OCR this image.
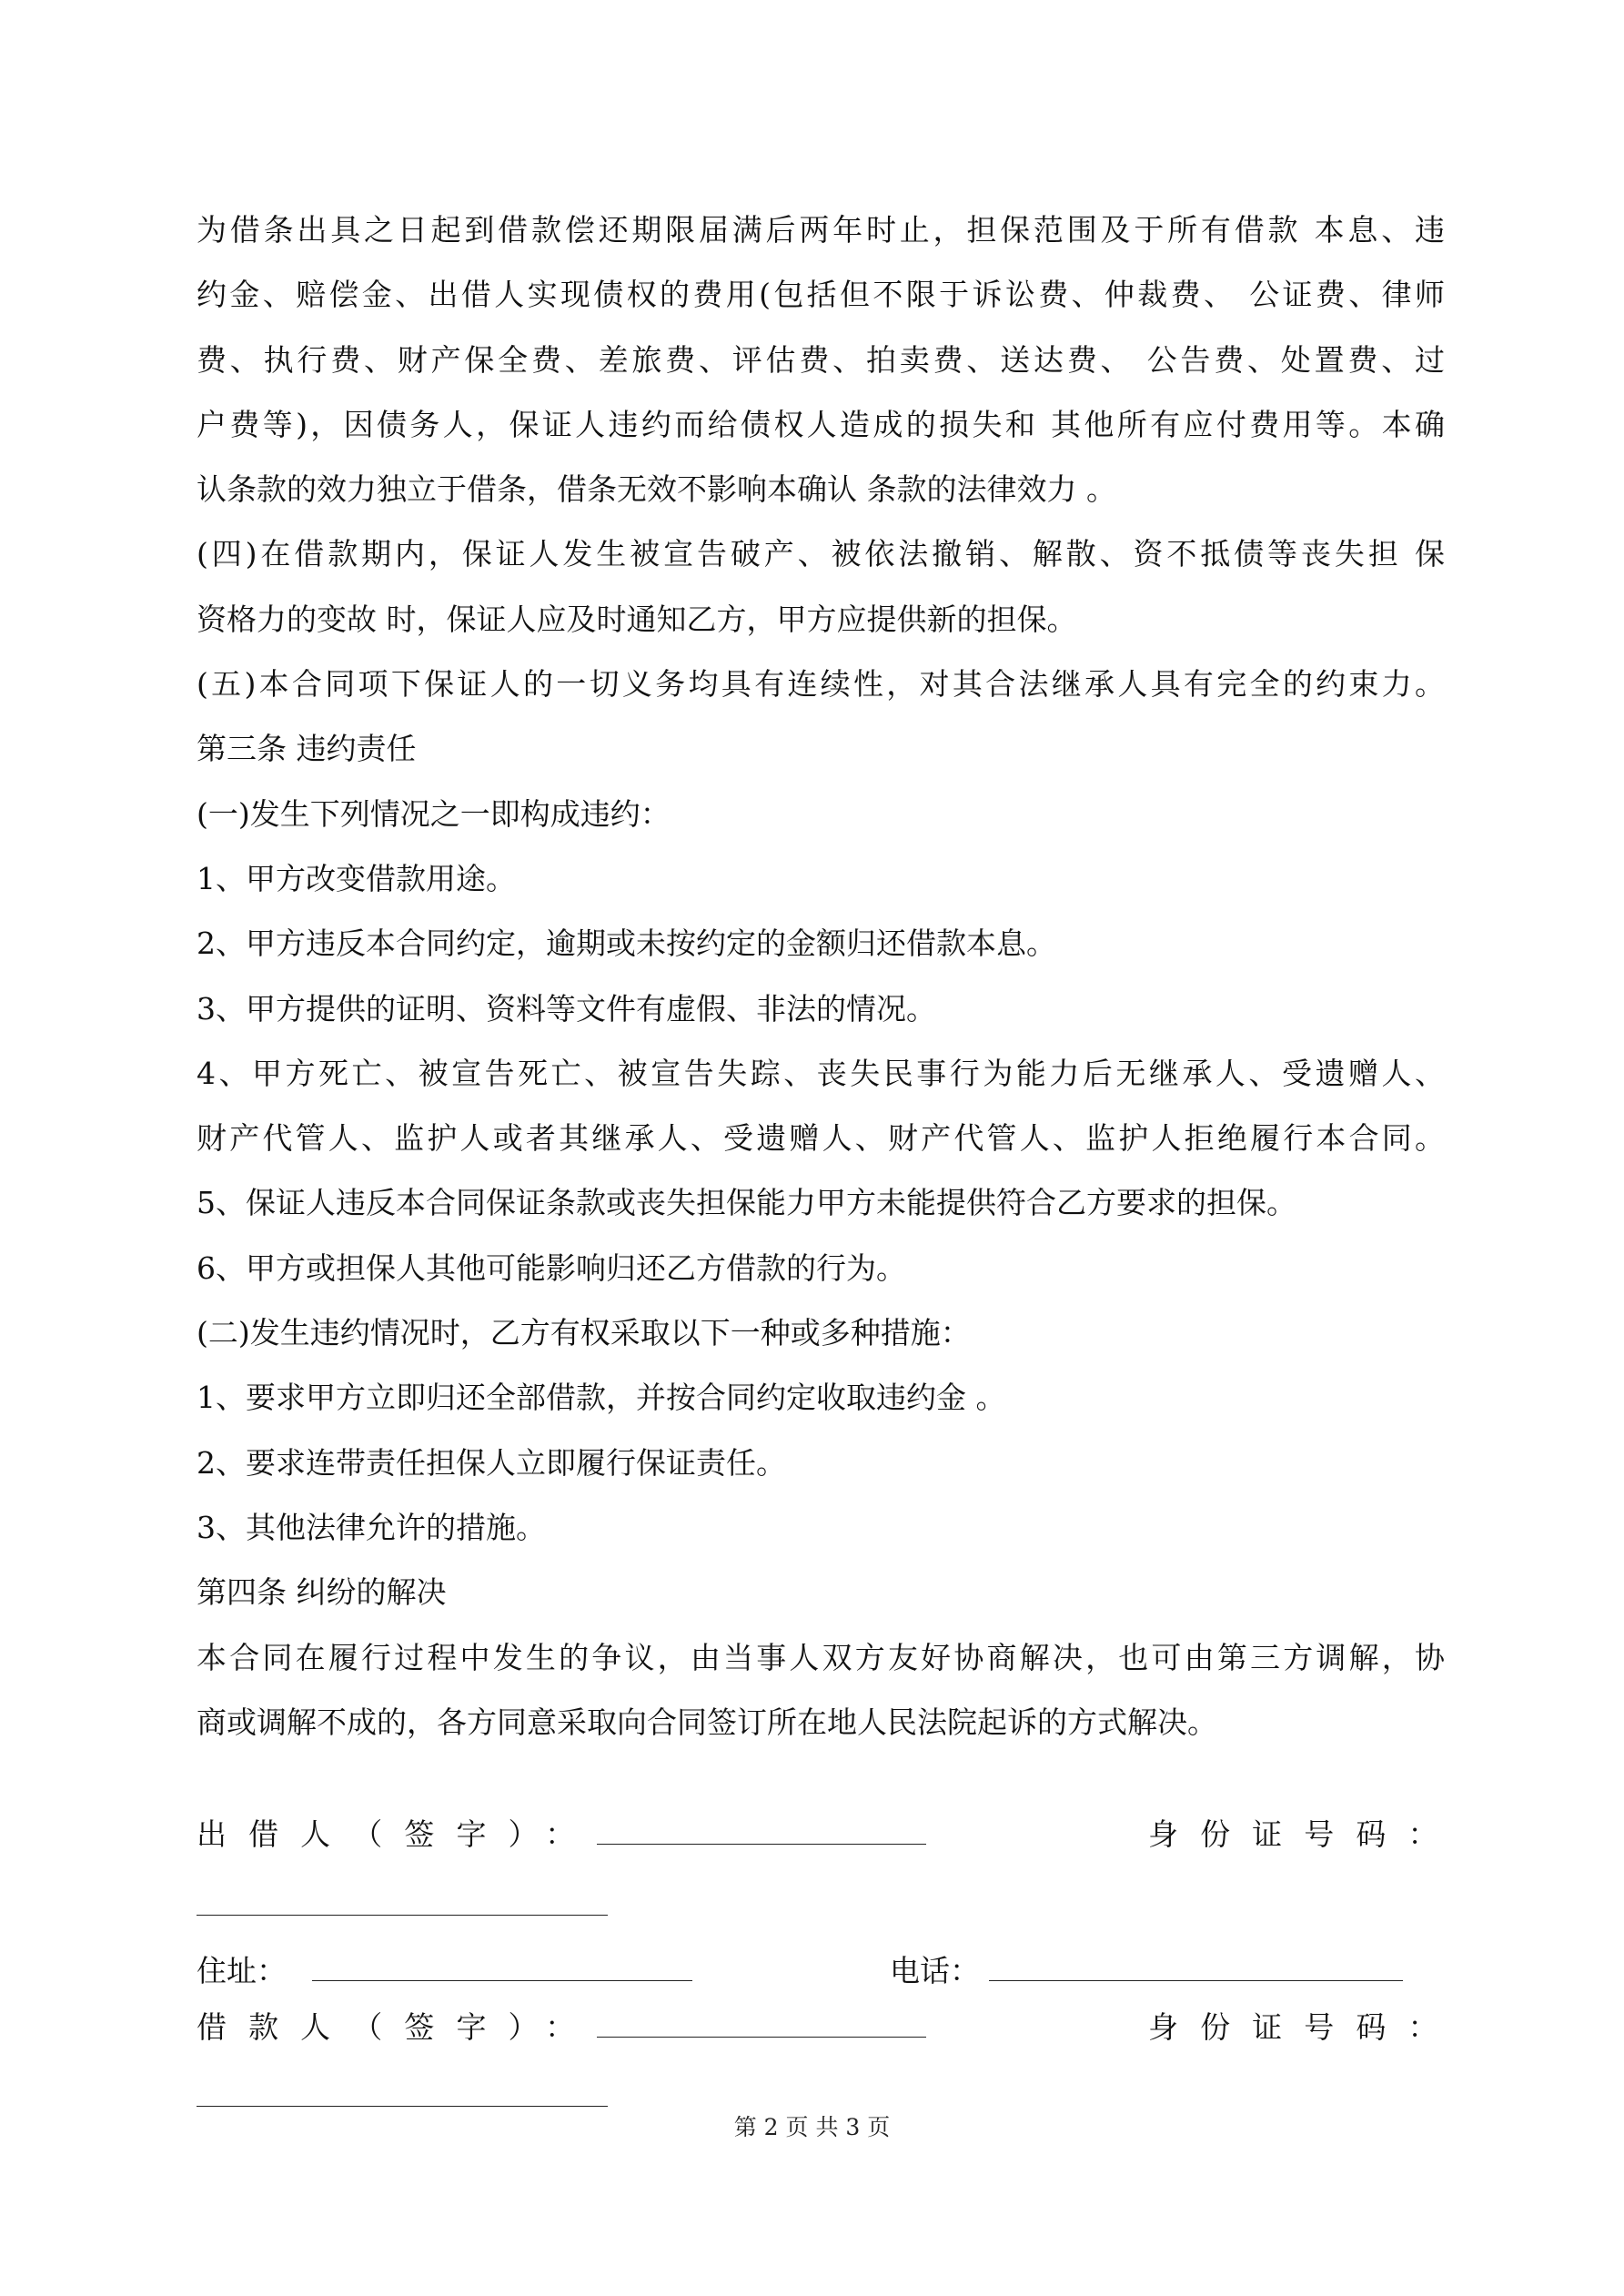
为借条出具之日起到借款偿还期限届满后两年时止，担保范围及于所有借款 本息、违
约金、赔偿金、出借人实现债权的费用(包括但不限于诉讼费、仲裁费、 公证费、律师
费、执行费、财产保全费、差旅费、评估费、拍卖费、送达费、 公告费、处置费、过
户费等)，因债务人，保证人违约而给债权人造成的损失和 其他所有应付费用等。本确
认条款的效力独立于借条，借条无效不影响本确认 条款的法律效力 。
(四)在借款期内，保证人发生被宣告破产、被依法撤销、解散、资不抵债等丧失担 保
资格力的变故 时，保证人应及时通知乙方，甲方应提供新的担保。
(五)本合同项下保证人的一切义务均具有连续性，对其合法继承人具有完全的约束力。
第三条 违约责任
(一)发生下列情况之一即构成违约：
1、甲方改变借款用途。
2、甲方违反本合同约定，逾期或未按约定的金额归还借款本息。
3、甲方提供的证明、资料等文件有虚假、非法的情况。
4、甲方死亡、被宣告死亡、被宣告失踪、丧失民事行为能力后无继承人、受遗赠人、
财产代管人、监护人或者其继承人、受遗赠人、财产代管人、监护人拒绝履行本合同。
5、保证人违反本合同保证条款或丧失担保能力甲方未能提供符合乙方要求的担保。
6、甲方或担保人其他可能影响归还乙方借款的行为。
(二)发生违约情况时，乙方有权采取以下一种或多种措施：
1、要求甲方立即归还全部借款，并按合同约定收取违约金 。
2、要求连带责任担保人立即履行保证责任。
3、其他法律允许的措施。
第四条 纠纷的解决
本合同在履行过程中发生的争议，由当事人双方友好协商解决，也可由第三方调解，协
商或调解不成的，各方同意采取向合同签订所在地人民法院起诉的方式解决。
出借人（签字）：	身份证号码：
住址：	电话：
借款人（签字）：	身份证号码：
第 2 页 共 3 页
